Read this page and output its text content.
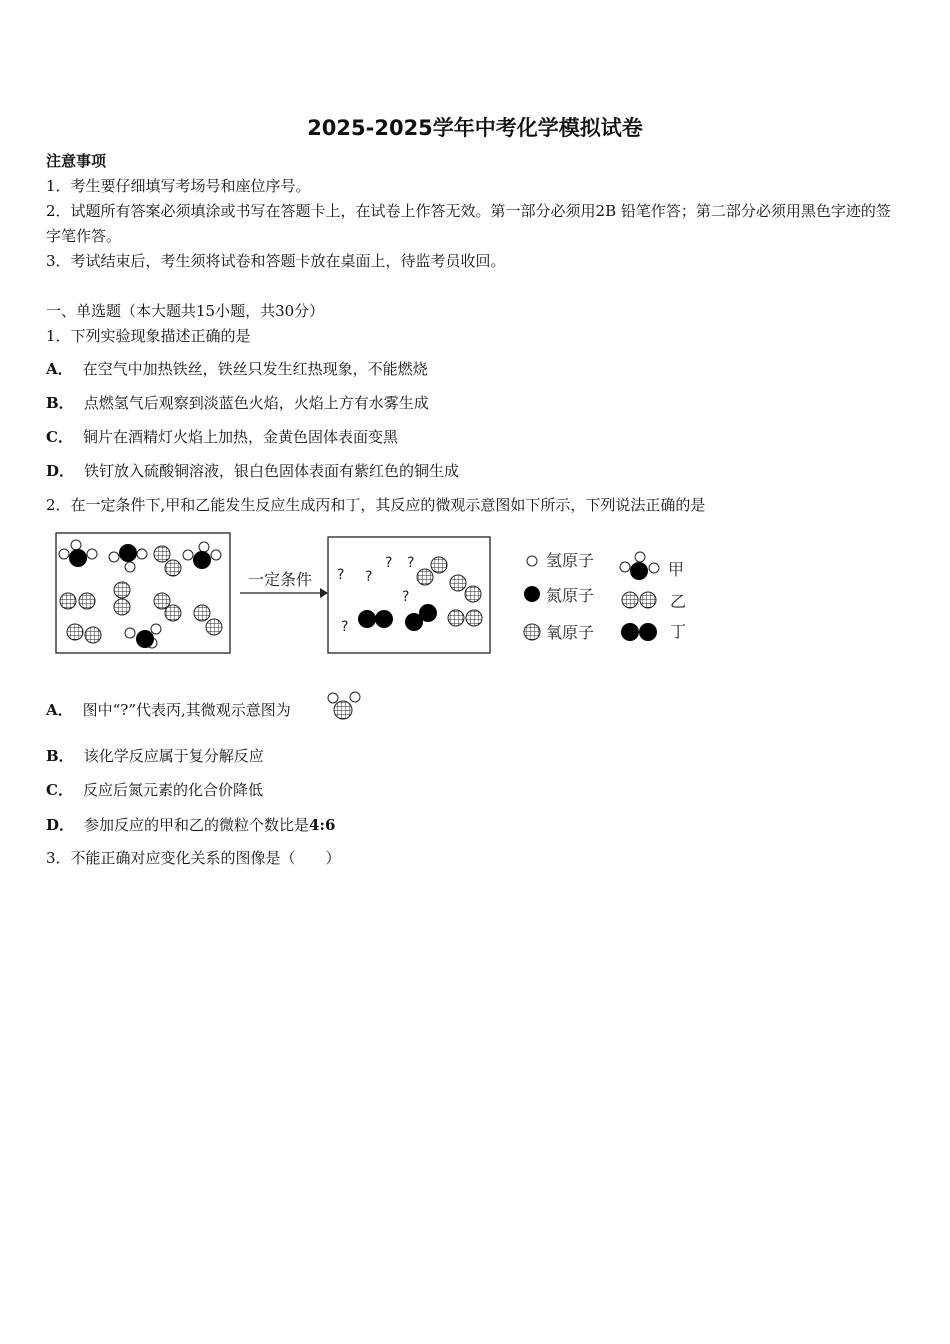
2025-2025学年中考化学模拟试卷
注意事项
1．考生要仔细填写考场号和座位序号。
2．试题所有答案必须填涂或书写在答题卡上，在试卷上作答无效。第一部分必须用2B 铅笔作答；第二部分必须用黑色字迹的签字笔作答。
3．考试结束后，考生须将试卷和答题卡放在桌面上，待监考员收回。
一、单选题（本大题共15小题，共30分）
1．下列实验现象描述正确的是
A． 在空气中加热铁丝，铁丝只发生红热现象，不能燃烧
B． 点燃氢气后观察到淡蓝色火焰，火焰上方有水雾生成
C． 铜片在酒精灯火焰上加热，金黄色固体表面变黑
D． 铁钉放入硫酸铜溶液，银白色固体表面有紫红色的铜生成
2．在一定条件下,甲和乙能发生反应生成丙和丁，其反应的微观示意图如下所示，下列说法正确的是
一定条件 ? ?
? ?
?
?
氢原子
氮原子
氧原子
甲
乙
丁
A． 图中“?”代表丙,其微观示意图为
B． 该化学反应属于复分解反应
C． 反应后氮元素的化合价降低
D． 参加反应的甲和乙的微粒个数比是4:6
3．不能正确对应变化关系的图像是（　　）
